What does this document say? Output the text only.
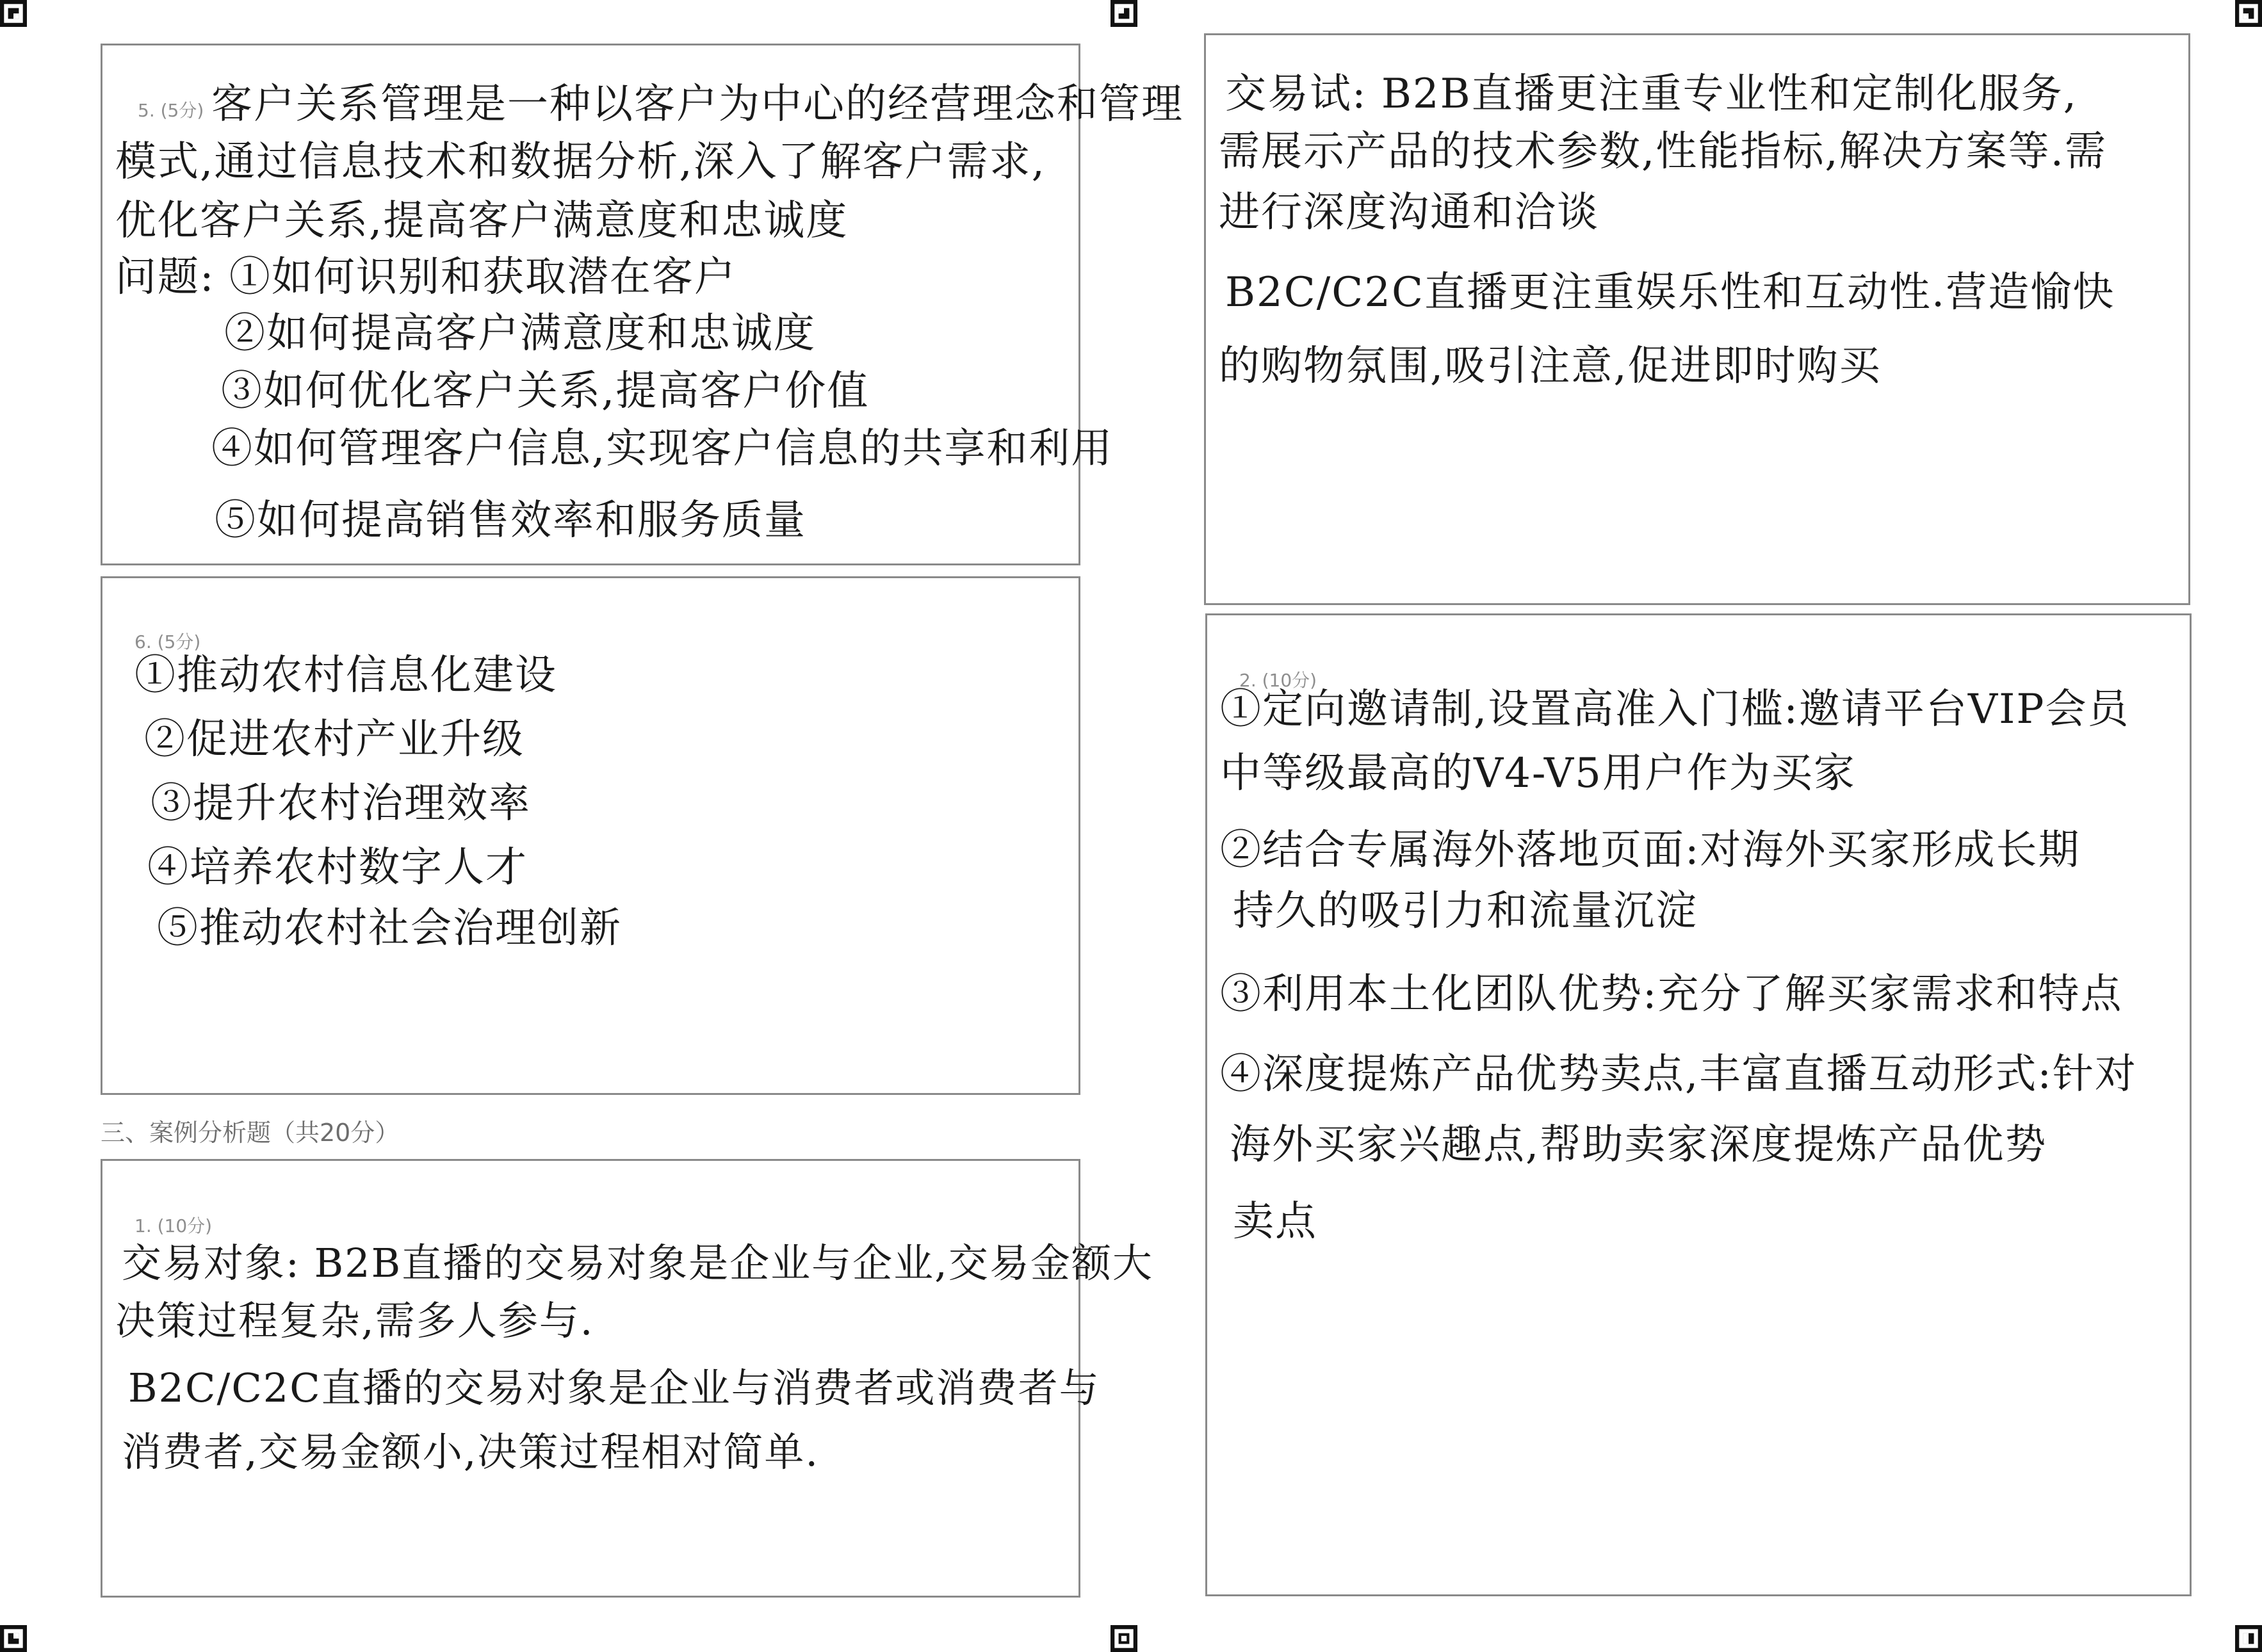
5. (5分) 客户关系管理是一种以客户为中心的经营理念和管理
模式,通过信息技术和数据分析,深入了解客户需求,
优化客户关系,提高客户满意度和忠诚度
问题: ①如何识别和获取潜在客户
②如何提高客户满意度和忠诚度
③如何优化客户关系,提高客户价值
④如何管理客户信息,实现客户信息的共享和利用
⑤如何提高销售效率和服务质量
6. (5分)
①推动农村信息化建设
②促进农村产业升级
③提升农村治理效率
④培养农村数字人才
⑤推动农村社会治理创新
三、案例分析题（共20分）
1. (10分)
交易对象: B2B直播的交易对象是企业与企业,交易金额大
决策过程复杂,需多人参与.
B2C/C2C直播的交易对象是企业与消费者或消费者与
消费者,交易金额小,决策过程相对简单.
交易试: B2B直播更注重专业性和定制化服务,
需展示产品的技术参数,性能指标,解决方案等.需
进行深度沟通和洽谈
B2C/C2C直播更注重娱乐性和互动性.营造愉快
的购物氛围,吸引注意,促进即时购买
2. (10分)
①定向邀请制,设置高准入门槛:邀请平台VIP会员
中等级最高的V4-V5用户作为买家
②结合专属海外落地页面:对海外买家形成长期
持久的吸引力和流量沉淀
③利用本土化团队优势:充分了解买家需求和特点
④深度提炼产品优势卖点,丰富直播互动形式:针对
海外买家兴趣点,帮助卖家深度提炼产品优势
卖点
